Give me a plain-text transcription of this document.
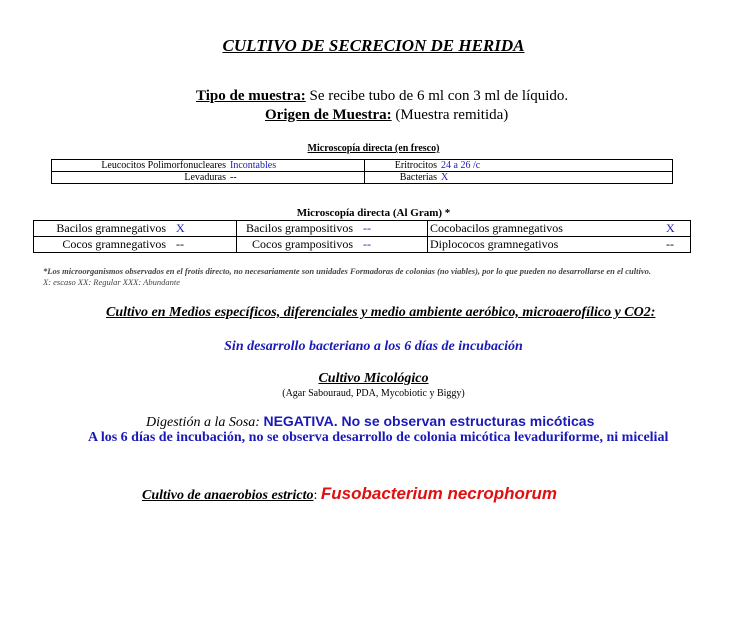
CULTIVO DE SECRECION DE HERIDA
Tipo de muestra: Se recibe tubo de 6 ml con 3 ml de líquido.
Origen de Muestra: (Muestra remitida)
Microscopía directa (en fresco)
Leucocitos Polimorfonucleares	Incontables	Eritrocitos	24 a 26 /c
Levaduras	--	Bacterias	X
Microscopía directa (Al Gram) *
Bacilos gramnegativos	X	Bacilos grampositivos	--	Cocobacilos gramnegativos	X
Cocos gramnegativos	--	Cocos grampositivos	--	Diplococos gramnegativos	--
*Los microorganismos observados en el frotis directo, no necesariamente son unidades Formadoras de colonias (no viables), por lo que pueden no desarrollarse en el cultivo.
X: escaso XX: Regular XXX: Abundante
Cultivo en Medios específicos, diferenciales y medio ambiente aeróbico, microaerofílico y CO2:
Sin desarrollo bacteriano a los 6 días de incubación
Cultivo Micológico
(Agar Sabouraud, PDA, Mycobiotic y Biggy)
Digestión a la Sosa: NEGATIVA. No se observan estructuras micóticas
A los 6 días de incubación, no se observa desarrollo de colonia micótica levaduriforme, ni micelial
Cultivo de anaerobios estricto: Fusobacterium necrophorum
